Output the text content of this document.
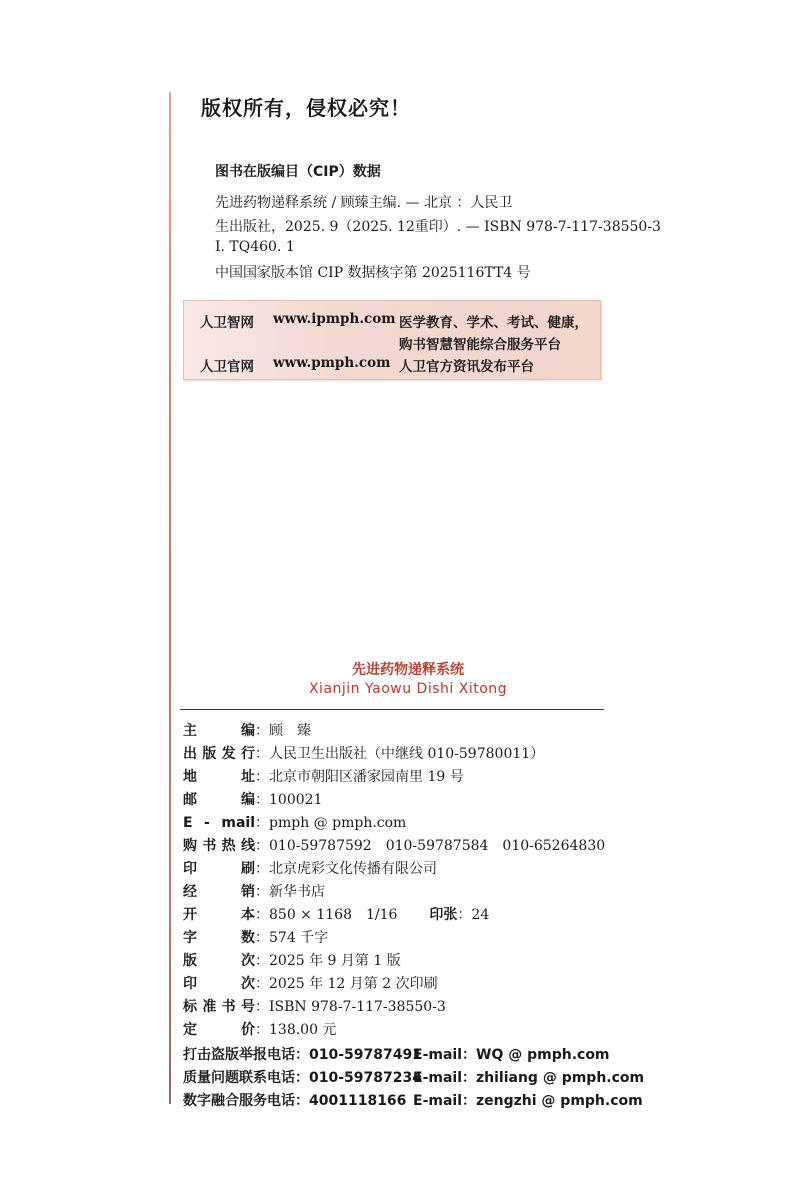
版权所有，侵权必究！
图书在版编目（CIP）数据
先进药物递释系统 / 顾臻主编. — 北京 ：人民卫
生出版社，2025. 9（2025. 12重印）. — ISBN 978-7-117-38550-3
Ⅰ. TQ460. 1
中国国家版本馆 CIP 数据核字第 2025116TT4 号
人卫智网 www.ipmph.com 医学教育、学术、考试、健康，
购书智慧智能综合服务平台
人卫官网 www.pmph.com 人卫官方资讯发布平台
先进药物递释系统
Xianjin Yaowu Dishi Xitong
主　编：顾　臻
出版发行：人民卫生出版社（中继线 010-59780011）
地　址：北京市朝阳区潘家园南里 19 号
邮　编：100021
E - mail：pmph @ pmph.com
购书热线：010-59787592　010-59787584　010-65264830
印　刷：北京虎彩文化传播有限公司
经　销：新华书店
开　本：850 × 1168　1/16 印张：24
字　数：574 千字
版　次：2025 年 9 月第 1 版
印　次：2025 年 12 月第 2 次印刷
标准书号：ISBN 978-7-117-38550-3
定　价：138.00 元
打击盗版举报电话：010-59787491
E-mail：WQ @ pmph.com
质量问题联系电话：010-59787234
E-mail：zhiliang @ pmph.com
数字融合服务电话：4001118166 E-mail：zengzhi @ pmph.com
